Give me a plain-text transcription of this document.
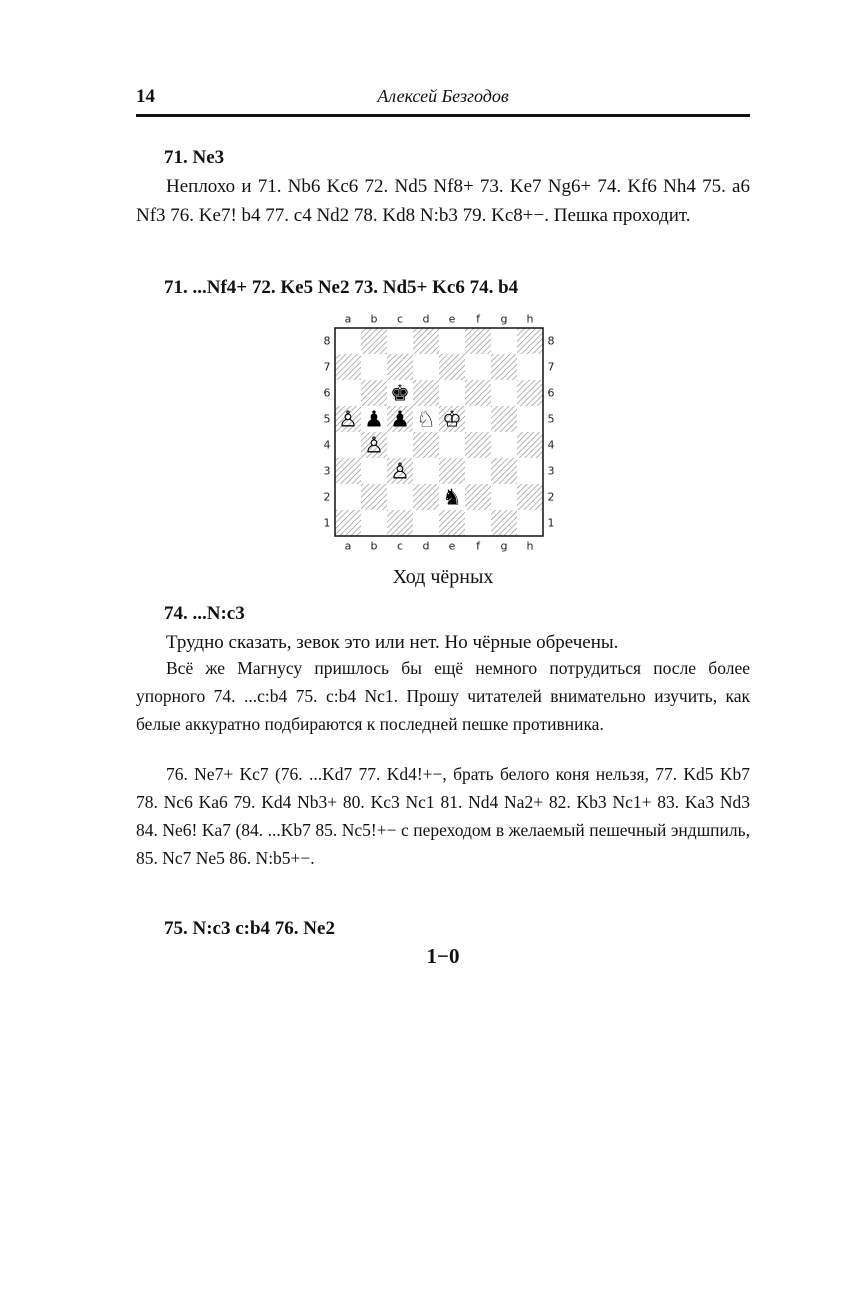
14	Алексей Безгодов
71. Ne3
Неплохо и 71. Nb6 Kc6 72. Nd5 Nf8+ 73. Ke7 Ng6+ 74. Kf6 Nh4 75. a6 Nf3 76. Ke7! b4 77. c4 Nd2 78. Kd8 N:b3 79. Kc8+−. Пешка проходит.
71. ...Nf4+ 72. Ke5 Ne2 73. Nd5+ Kc6 74. b4
a
a
b
b
c
c
d
d
e
e
f
f
g
g
h
h
8	8
7	7
6	6
5	5
4	4
3	3
2	2
1	1
♚
♙ ♟ ♟ ♘ ♔
♙
♙
♞
Ход чёрных
74. ...N:c3
Трудно сказать, зевок это или нет. Но чёрные обречены.
Всё же Магнусу пришлось бы ещё немного потрудиться после более упорного 74. ...c:b4 75. c:b4 Nc1. Прошу читателей внимательно изучить, как белые аккуратно подбираются к последней пешке противника.
76. Ne7+ Kc7 (76. ...Kd7 77. Kd4!+−, брать белого коня нельзя, 77. Kd5 Kb7 78. Nc6 Ka6 79. Kd4 Nb3+ 80. Kc3 Nc1 81. Nd4 Na2+ 82. Kb3 Nc1+ 83. Ka3 Nd3 84. Ne6! Ka7 (84. ...Kb7 85. Nc5!+− с переходом в желаемый пешечный эндшпиль, 85. Nc7 Ne5 86. N:b5+−.
75. N:c3 c:b4 76. Ne2
1−0
